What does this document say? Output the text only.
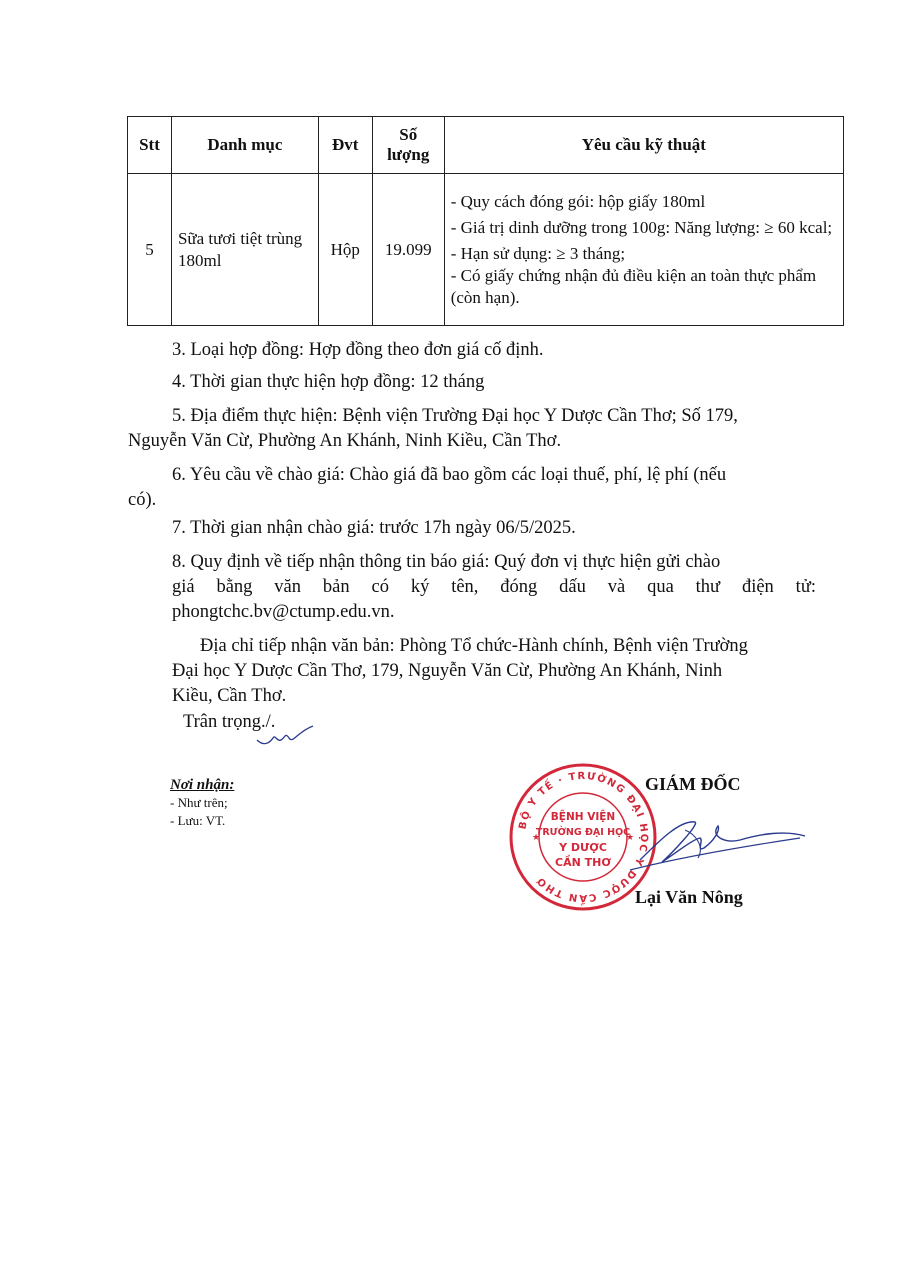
Stt	Danh mục	Đvt	Số lượng	Yêu cầu kỹ thuật
5	Sữa tươi tiệt trùng 180ml	Hộp	19.099	- Quy cách đóng gói: hộp giấy 180ml
- Giá trị dinh dưỡng trong 100g: Năng lượng: ≥ 60 kcal;
- Hạn sử dụng: ≥ 3 tháng;
- Có giấy chứng nhận đủ điều kiện an toàn thực phẩm (còn hạn).

3. Loại hợp đồng: Hợp đồng theo đơn giá cố định.

4. Thời gian thực hiện hợp đồng: 12 tháng

5. Địa điểm thực hiện: Bệnh viện Trường Đại học Y Dược Cần Thơ; Số 179,

Nguyễn Văn Cừ, Phường An Khánh, Ninh Kiều, Cần Thơ.

6. Yêu cầu về chào giá: Chào giá đã bao gồm các loại thuế, phí, lệ phí (nếu

có).

7. Thời gian nhận chào giá: trước 17h ngày 06/5/2025.

8. Quy định về tiếp nhận thông tin báo giá: Quý đơn vị thực hiện gửi chào

giá bằng văn bản có ký tên, đóng dấu và qua thư điện tử:

phongtchc.bv@ctump.edu.vn.

Địa chỉ tiếp nhận văn bản: Phòng Tổ chức-Hành chính, Bệnh viện Trường

Đại học Y Dược Cần Thơ, 179, Nguyễn Văn Cừ, Phường An Khánh, Ninh

Kiều, Cần Thơ.

Trân trọng./.
Nơi nhận:
- Như trên;
- Lưu: VT.
GIÁM ĐỐC
BỘ Y TẾ · TRƯỜNG ĐẠI HỌC Y DƯỢC CẦN THƠ
★	★
BỆNH VIỆN
TRƯỜNG ĐẠI HỌC
Y DƯỢC
CẦN THƠ
Lại Văn Nông
